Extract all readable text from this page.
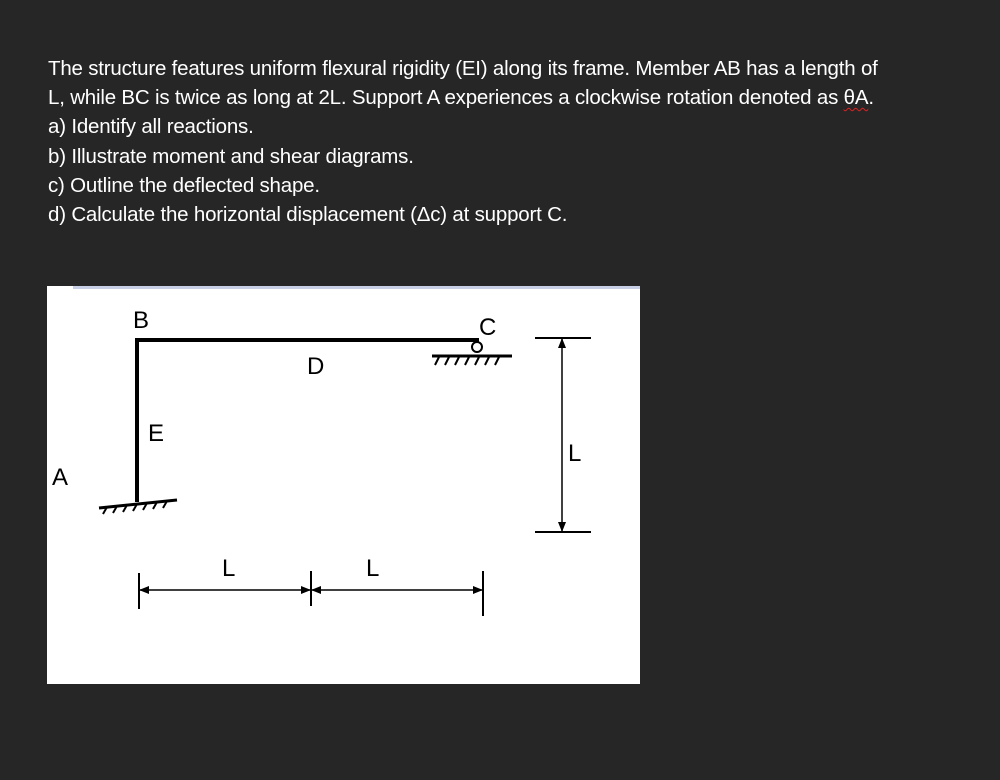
The structure features uniform flexural rigidity (EI) along its frame. Member AB has a length of
L, while BC is twice as long at 2L. Support A experiences a clockwise rotation denoted as θA.
a) Identify all reactions.
b) Illustrate moment and shear diagrams.
c) Outline the deflected shape.
d) Calculate the horizontal displacement (Δc) at support C.
A
B	C
D
E
L	L
L
